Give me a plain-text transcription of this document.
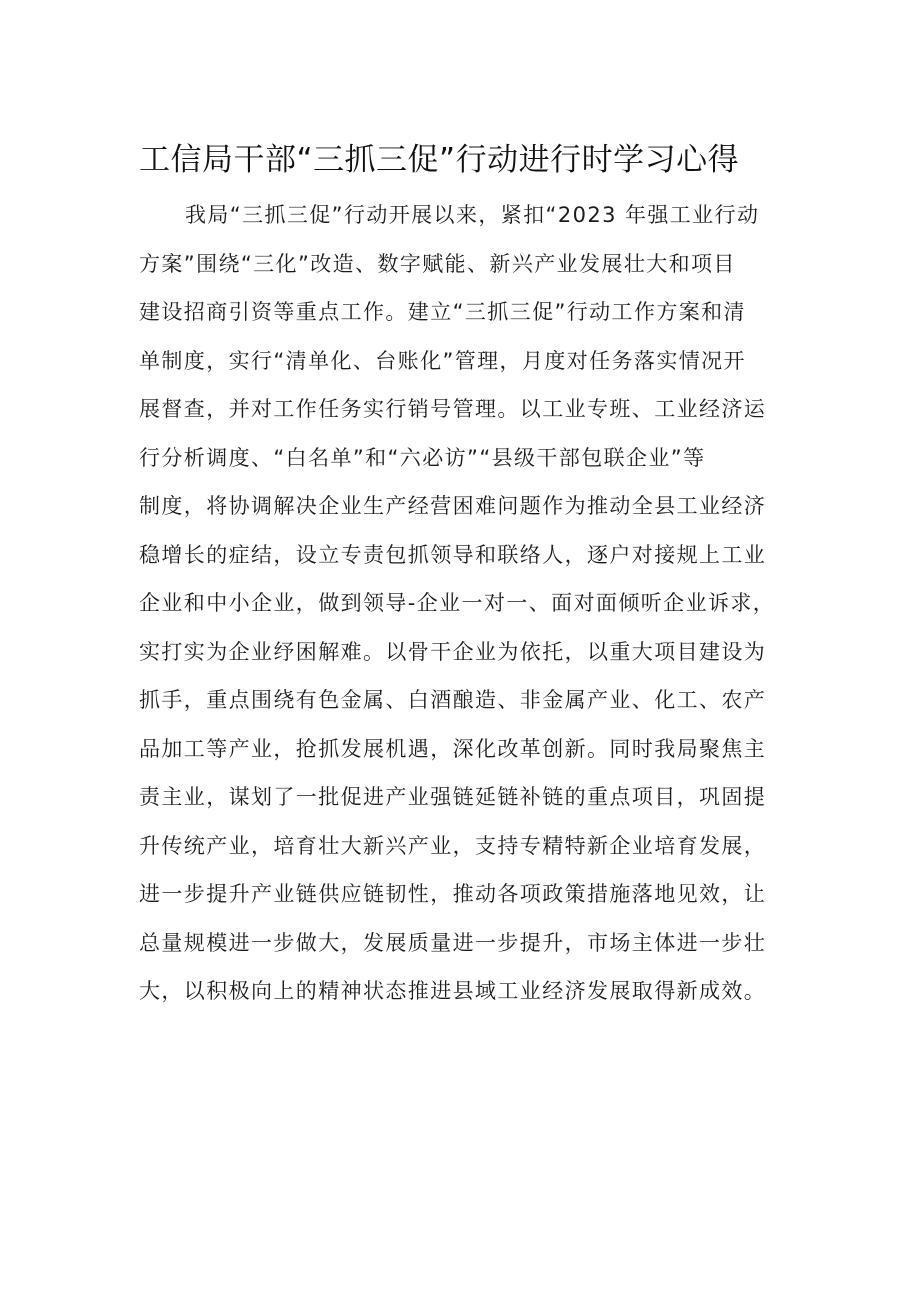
工信局干部“三抓三促”行动进行时学习心得
我局“三抓三促”行动开展以来，紧扣“2023 年强工业行动
方案”围绕“三化”改造、数字赋能、新兴产业发展壮大和项目
建设招商引资等重点工作。建立“三抓三促”行动工作方案和清
单制度，实行“清单化、台账化”管理，月度对任务落实情况开
展督查，并对工作任务实行销号管理。以工业专班、工业经济运
行分析调度、“白名单”和“六必访”“县级干部包联企业”等
制度，将协调解决企业生产经营困难问题作为推动全县工业经济
稳增长的症结，设立专责包抓领导和联络人，逐户对接规上工业
企业和中小企业，做到领导-企业一对一、面对面倾听企业诉求，
实打实为企业纾困解难。以骨干企业为依托，以重大项目建设为
抓手，重点围绕有色金属、白酒酿造、非金属产业、化工、农产
品加工等产业，抢抓发展机遇，深化改革创新。同时我局聚焦主
责主业，谋划了一批促进产业强链延链补链的重点项目，巩固提
升传统产业，培育壮大新兴产业，支持专精特新企业培育发展，
进一步提升产业链供应链韧性，推动各项政策措施落地见效，让
总量规模进一步做大，发展质量进一步提升，市场主体进一步壮
大，以积极向上的精神状态推进县域工业经济发展取得新成效。
